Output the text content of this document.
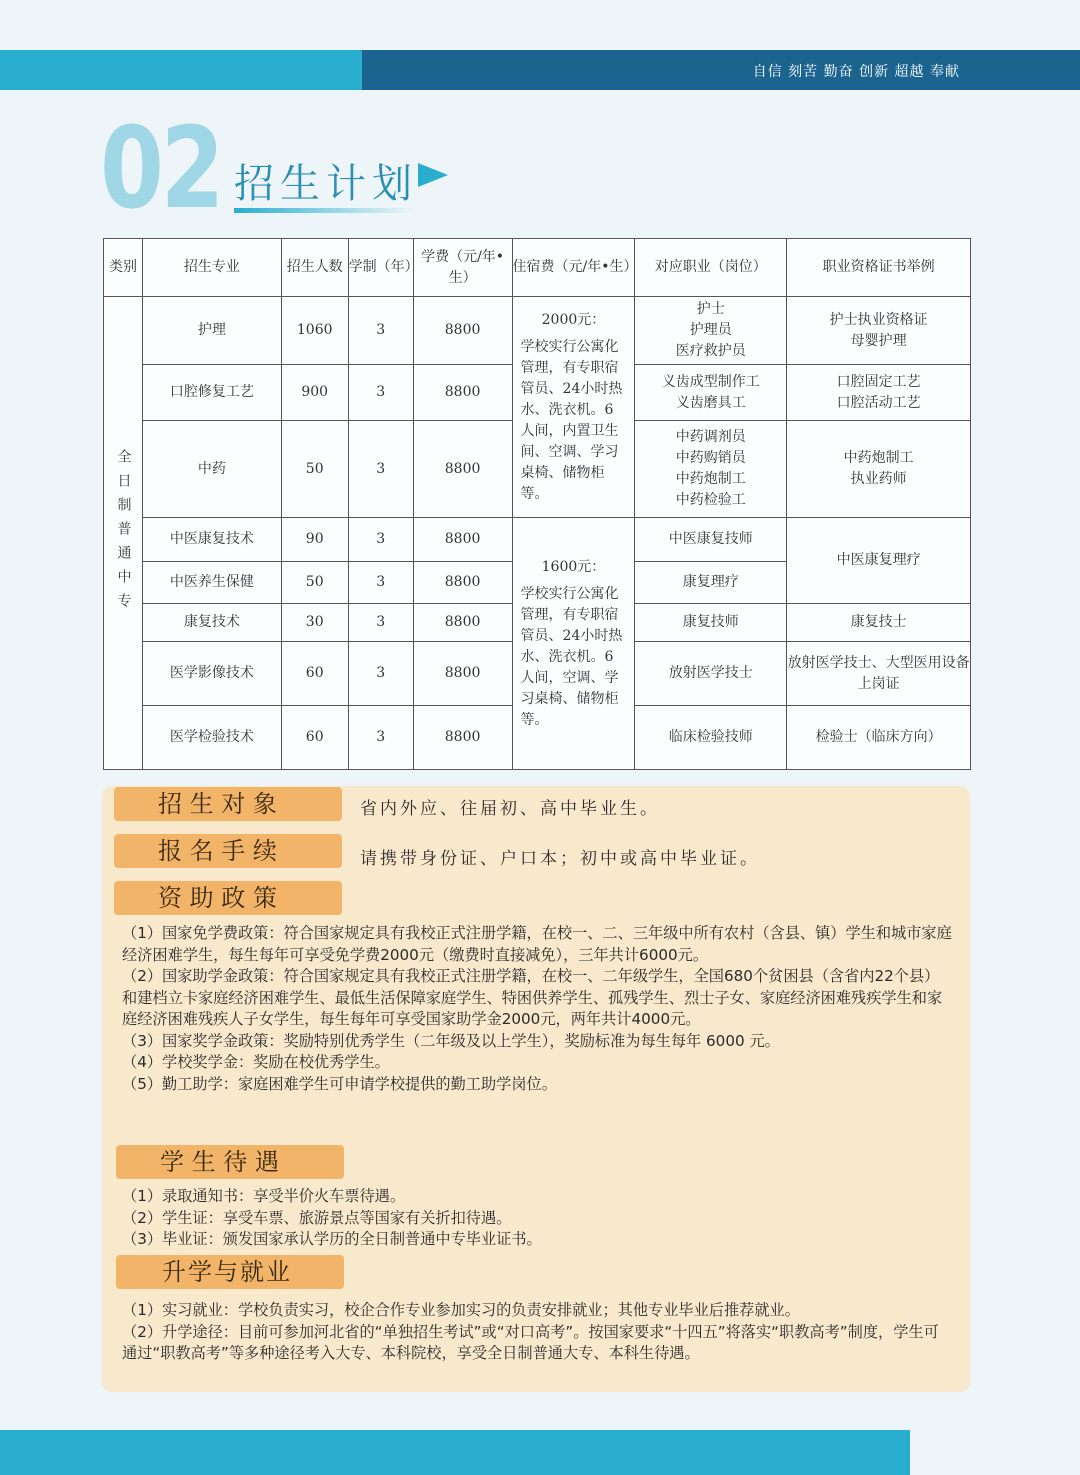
自信 刻苦 勤奋 创新 超越 奉献
02 招生计划
类别	招生专业	招生人数	学制（年）	学费（元/年•生）	住宿费（元/年•生）	对应职业（岗位）	职业资格证书举例

全日制普通中专	护理	1060	3	8800	2000元：
学校实行公寓化管理，有专职宿管员、24小时热水、洗衣机。6人间，内置卫生间、空调、学习桌椅、储物柜等。	护士
护理员
医疗救护员	护士执业资格证
母婴护理

	口腔修复工艺	900	3	8800		义齿成型制作工
义齿磨具工	口腔固定工艺
口腔活动工艺

	中药	50	3	8800		中药调剂员
中药购销员
中药炮制工
中药检验工	中药炮制工
执业药师

	中医康复技术	90	3	8800	1600元：
学校实行公寓化管理，有专职宿管员、24小时热水、洗衣机。6人间，空调、学习桌椅、储物柜等。	中医康复技师	中医康复理疗
	中医养生保健	50	3	8800		康复理疗	
	康复技术	30	3	8800		康复技师	康复技士
	医学影像技术	60	3	8800		放射医学技士	放射医学技士、大型医用设备上岗证
	医学检验技术	60	3	8800		临床检验技师	检验士（临床方向）
招 生 对 象	省内外应、往届初、高中毕业生。
报 名 手 续	请携带身份证、户口本；初中或高中毕业证。
资 助 政 策

（1）国家免学费政策：符合国家规定具有我校正式注册学籍，在校一、二、三年级中所有农村（含县、镇）学生和城市家庭经济困难学生，每生每年可享受免学费2000元（缴费时直接减免），三年共计6000元。

（2）国家助学金政策：符合国家规定具有我校正式注册学籍，在校一、二年级学生，全国680个贫困县（含省内22个县）和建档立卡家庭经济困难学生、最低生活保障家庭学生、特困供养学生、孤残学生、烈士子女、家庭经济困难残疾学生和家庭经济困难残疾人子女学生，每生每年可享受国家助学金2000元，两年共计4000元。

（3）国家奖学金政策：奖励特别优秀学生（二年级及以上学生），奖励标准为每生每年 6000 元。

（4）学校奖学金：奖励在校优秀学生。

（5）勤工助学：家庭困难学生可申请学校提供的勤工助学岗位。

学 生 待 遇

（1）录取通知书：享受半价火车票待遇。

（2）学生证：享受车票、旅游景点等国家有关折扣待遇。

（3）毕业证：颁发国家承认学历的全日制普通中专毕业证书。

升学与就业

（1）实习就业：学校负责实习，校企合作专业参加实习的负责安排就业；其他专业毕业后推荐就业。

（2）升学途径：目前可参加河北省的“单独招生考试”或“对口高考”。按国家要求“十四五”将落实“职教高考”制度，学生可通过“职教高考”等多种途径考入大专、本科院校，享受全日制普通大专、本科生待遇。
